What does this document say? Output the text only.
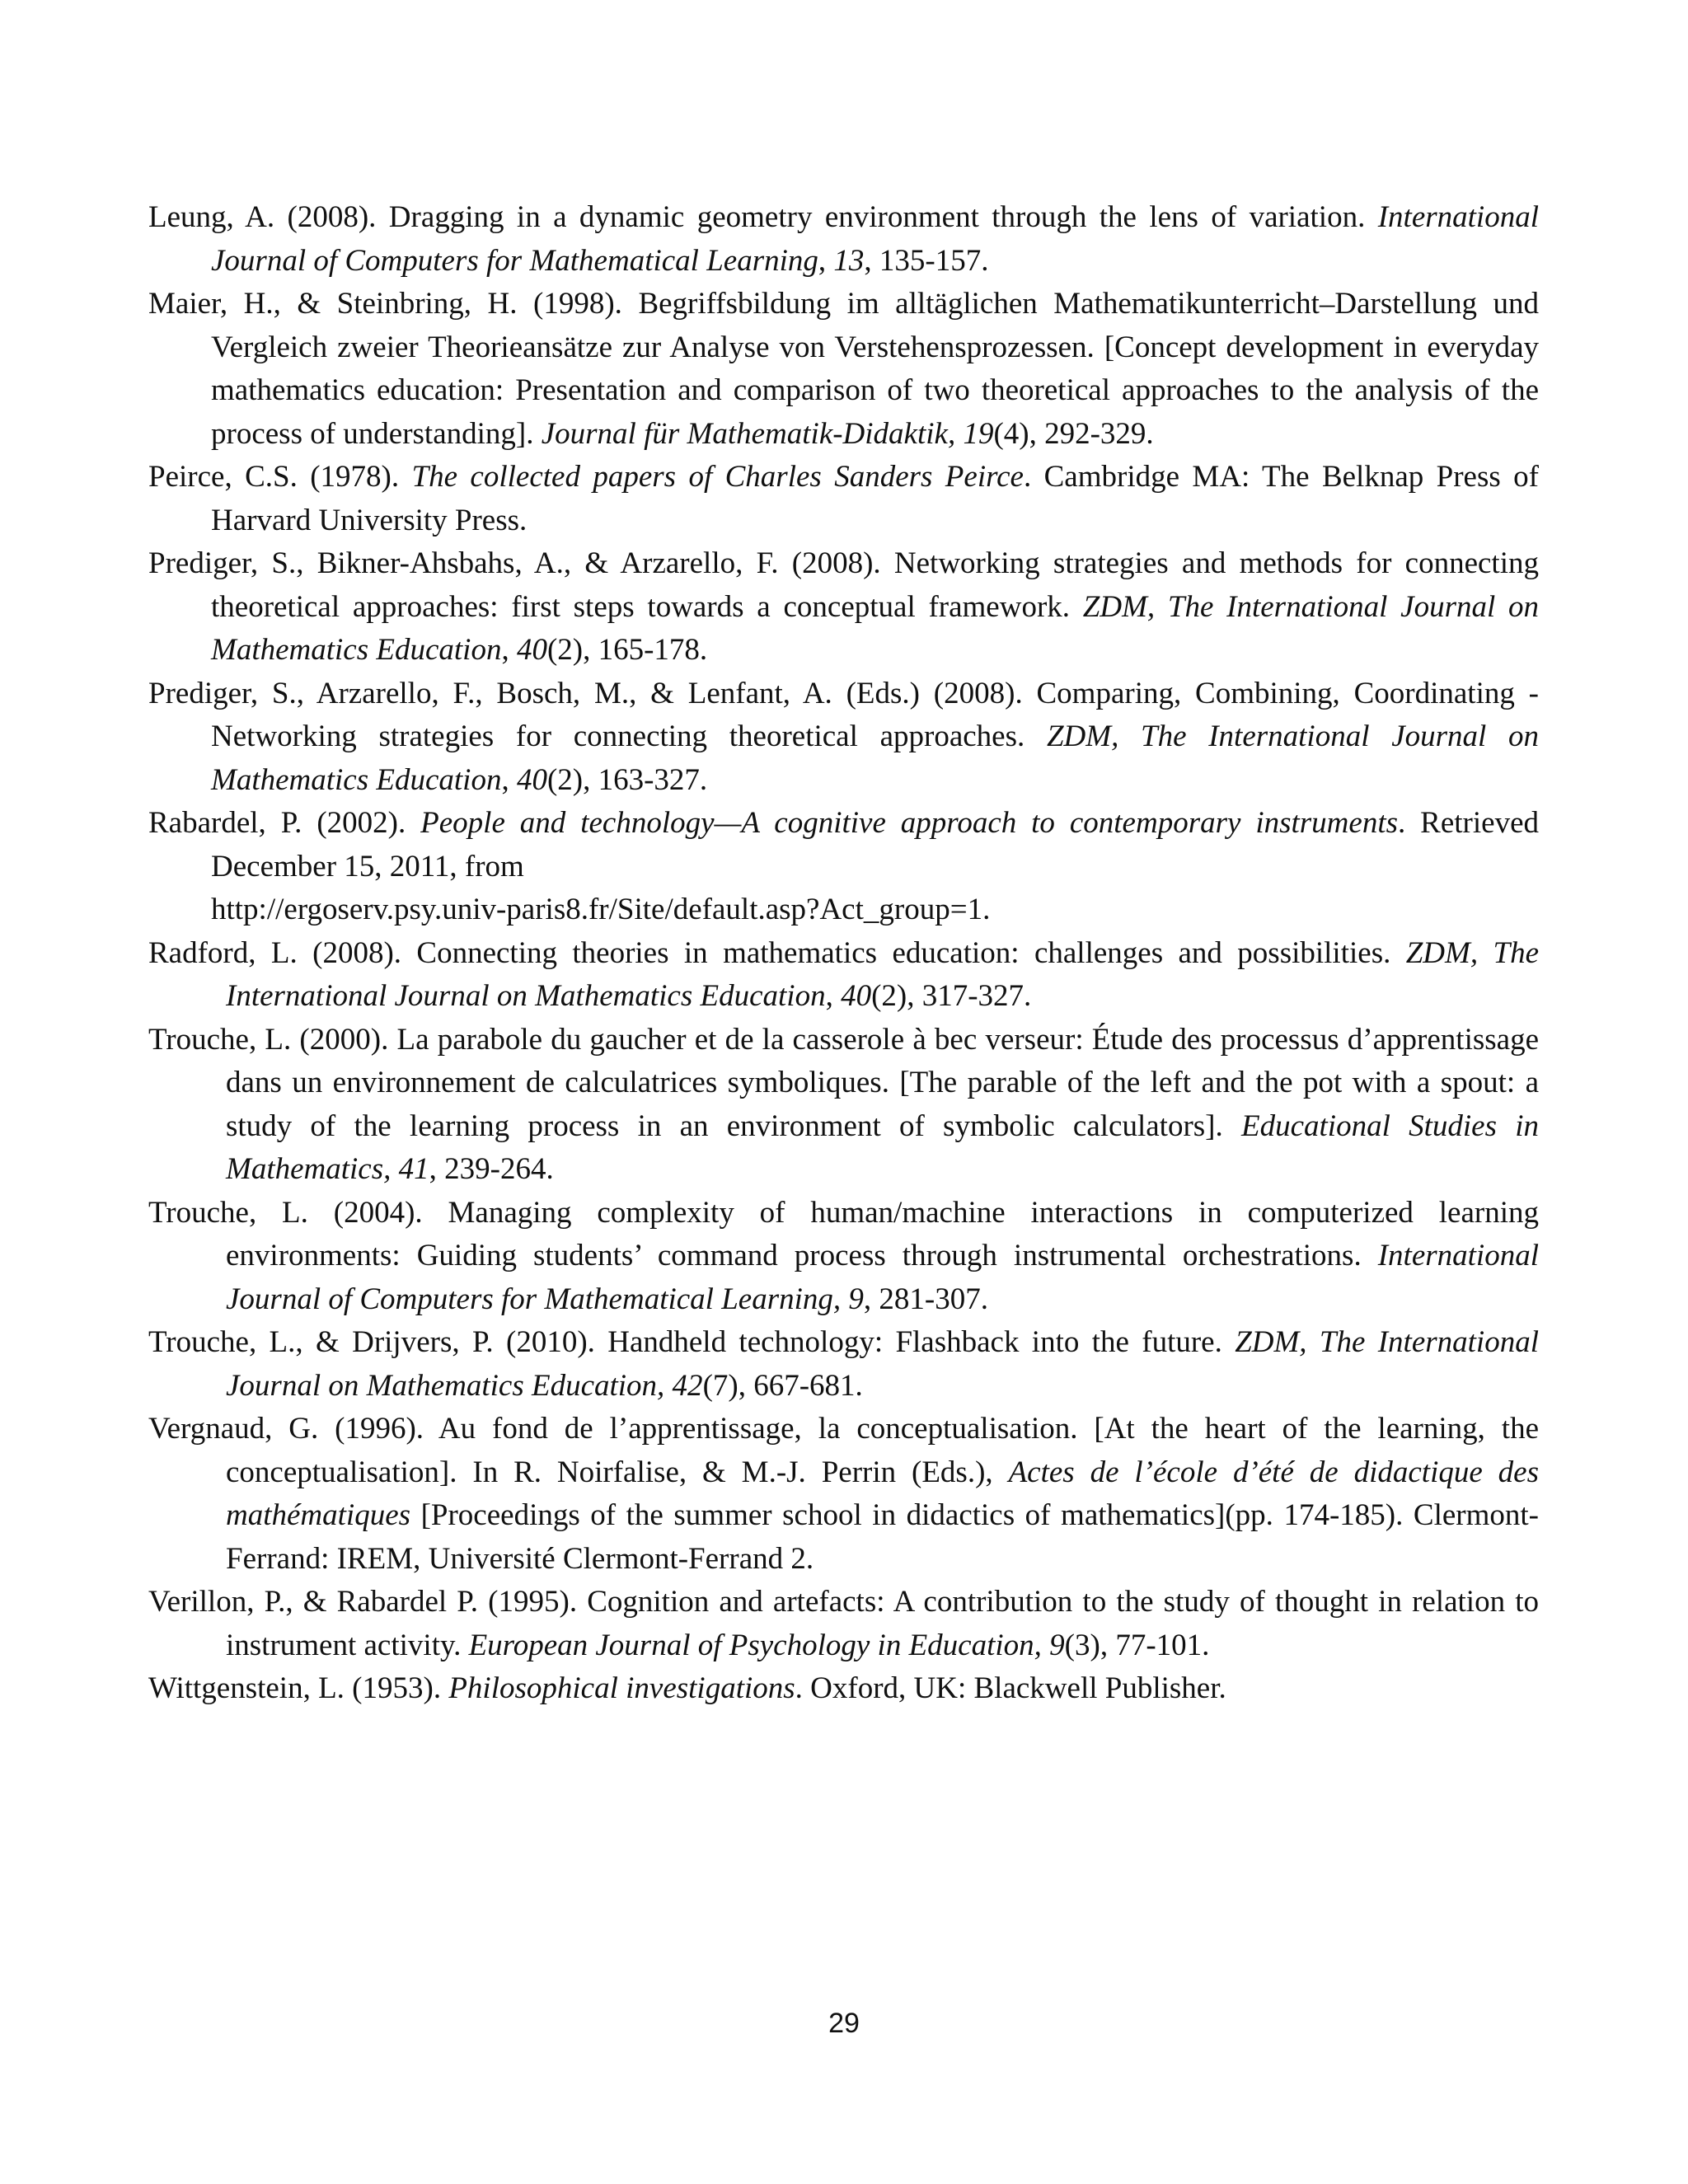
Leung, A. (2008). Dragging in a dynamic geometry environment through the lens of variation. International Journal of Computers for Mathematical Learning, 13, 135-157.

Maier, H., & Steinbring, H. (1998). Begriffsbildung im alltäglichen Mathematikunterricht–Darstellung und Vergleich zweier Theorieansätze zur Analyse von Verstehensprozessen. [Concept development in everyday mathematics education: Presentation and comparison of two theoretical approaches to the analysis of the process of understanding]. Journal für Mathematik-Didaktik, 19(4), 292-329.

Peirce, C.S. (1978). The collected papers of Charles Sanders Peirce. Cambridge MA: The Belknap Press of Harvard University Press.

Prediger, S., Bikner-Ahsbahs, A., & Arzarello, F. (2008). Networking strategies and methods for connecting theoretical approaches: first steps towards a conceptual framework. ZDM, The International Journal on Mathematics Education, 40(2), 165-178.

Prediger, S., Arzarello, F., Bosch, M., & Lenfant, A. (Eds.) (2008). Comparing, Combining, Coordinating - Networking strategies for connecting theoretical approaches. ZDM, The International Journal on Mathematics Education, 40(2), 163-327.

Rabardel, P. (2002). People and technology—A cognitive approach to contemporary instruments. Retrieved December 15, 2011, from
http://ergoserv.psy.univ-paris8.fr/Site/default.asp?Act_group=1.

Radford, L. (2008). Connecting theories in mathematics education: challenges and possibilities. ZDM, The International Journal on Mathematics Education, 40(2), 317-327.

Trouche, L. (2000). La parabole du gaucher et de la casserole à bec verseur: Étude des processus d’apprentissage dans un environnement de calculatrices symboliques. [The parable of the left and the pot with a spout: a study of the learning process in an environment of symbolic calculators]. Educational Studies in Mathematics, 41, 239-264.

Trouche, L. (2004). Managing complexity of human/machine interactions in computerized learning environments: Guiding students’ command process through instrumental orchestrations. International Journal of Computers for Mathematical Learning, 9, 281-307.

Trouche, L., & Drijvers, P. (2010). Handheld technology: Flashback into the future. ZDM, The International Journal on Mathematics Education, 42(7), 667-681.

Vergnaud, G. (1996). Au fond de l’apprentissage, la conceptualisation. [At the heart of the learning, the conceptualisation]. In R. Noirfalise, & M.-J. Perrin (Eds.), Actes de l’école d’été de didactique des mathématiques [Proceedings of the summer school in didactics of mathematics](pp. 174-185). Clermont-Ferrand: IREM, Université Clermont-Ferrand 2.

Verillon, P., & Rabardel P. (1995). Cognition and artefacts: A contribution to the study of thought in relation to instrument activity. European Journal of Psychology in Education, 9(3), 77-101.

Wittgenstein, L. (1953). Philosophical investigations. Oxford, UK: Blackwell Publisher.

29
